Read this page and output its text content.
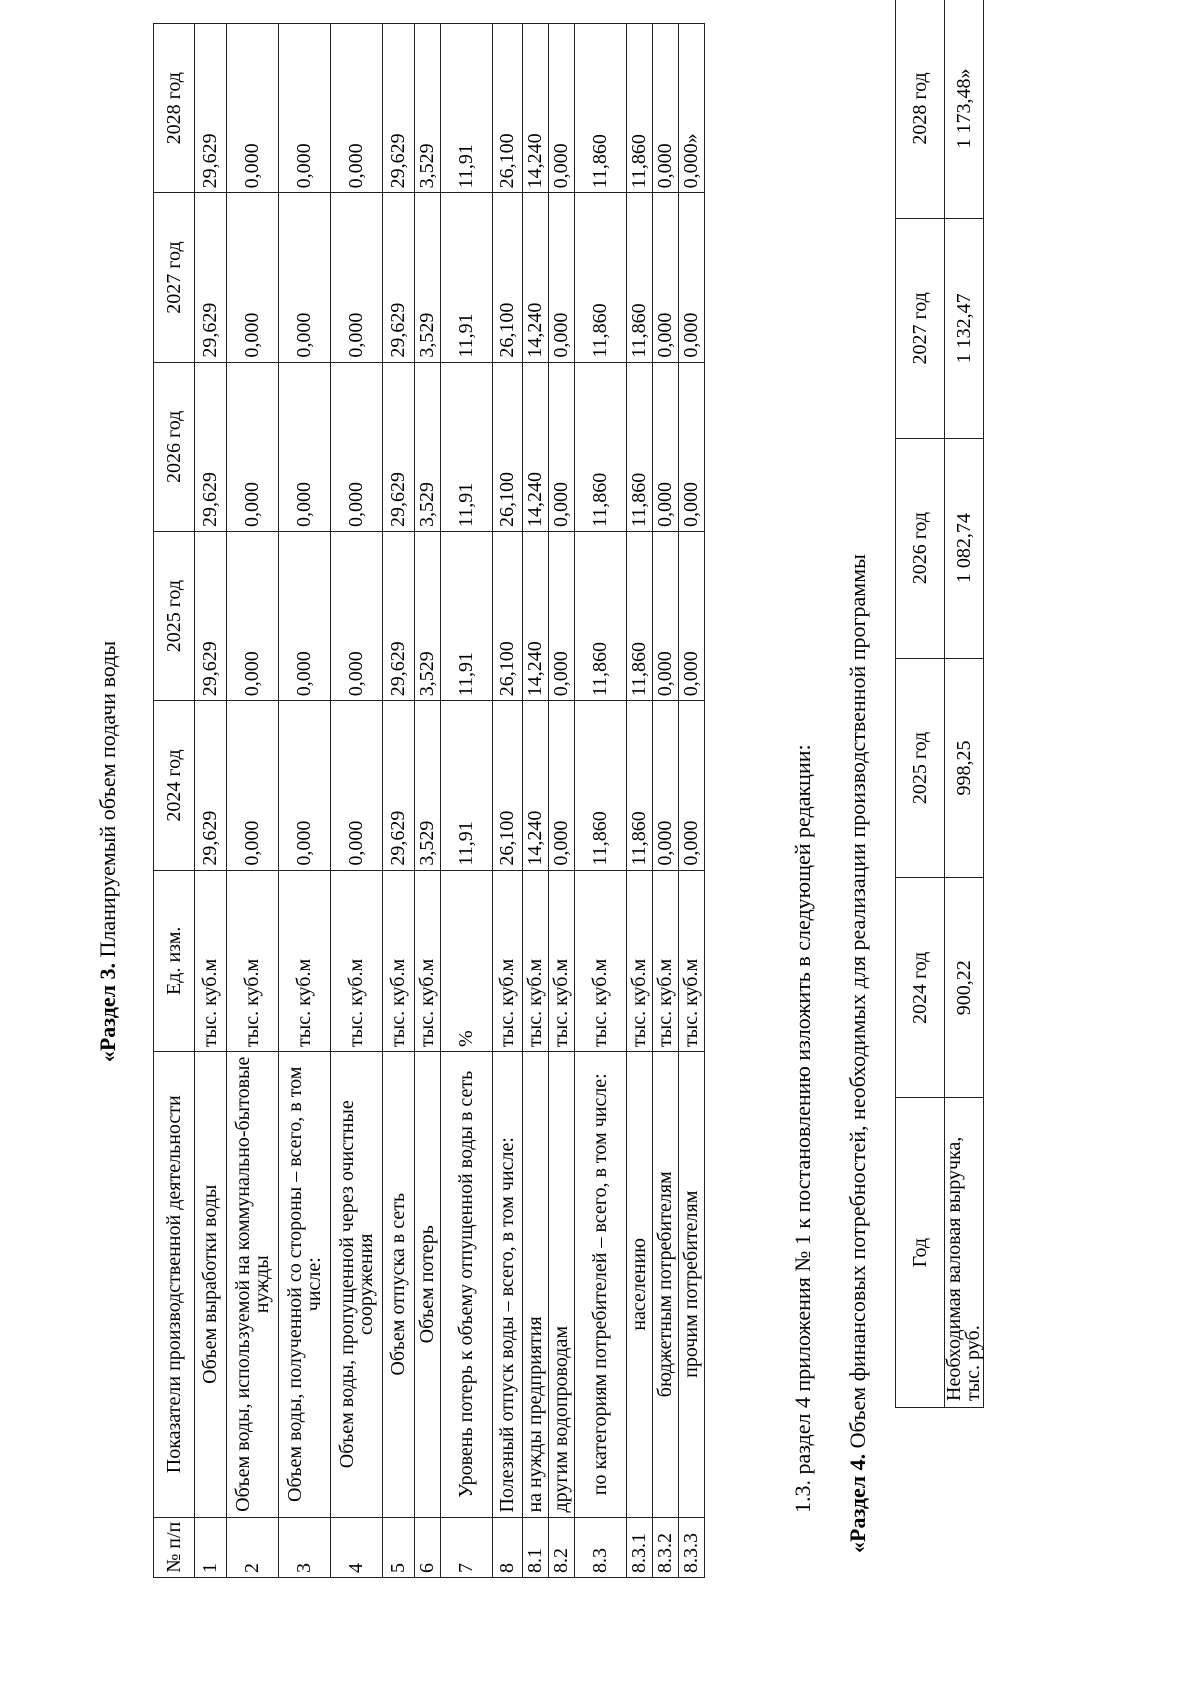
«Раздел 3. Планируемый объем подачи воды
№ п/п	Показатели производственной деятельности	Ед. изм.	2024 год	2025 год	2026 год	2027 год	2028 год
1	Объем выработки воды	тыс. куб.м	29,629	29,629	29,629	29,629	29,629
2	Объем воды, используемой на коммунально-бытовые нужды	тыс. куб.м	0,000	0,000	0,000	0,000	0,000
3	Объем воды, полученной со стороны – всего, в том числе:	тыс. куб.м	0,000	0,000	0,000	0,000	0,000
4	Объем воды, пропущенной через очистные сооружения	тыс. куб.м	0,000	0,000	0,000	0,000	0,000
5	Объем отпуска в сеть	тыс. куб.м	29,629	29,629	29,629	29,629	29,629
6	Объем потерь	тыс. куб.м	3,529	3,529	3,529	3,529	3,529
7	Уровень потерь к объему отпущенной воды в сеть	%	11,91	11,91	11,91	11,91	11,91
8	Полезный отпуск воды – всего, в том числе:	тыс. куб.м	26,100	26,100	26,100	26,100	26,100
8.1	на нужды предприятия	тыс. куб.м	14,240	14,240	14,240	14,240	14,240
8.2	другим водопроводам	тыс. куб.м	0,000	0,000	0,000	0,000	0,000
8.3	по категориям потребителей – всего, в том числе:	тыс. куб.м	11,860	11,860	11,860	11,860	11,860
8.3.1	населению	тыс. куб.м	11,860	11,860	11,860	11,860	11,860
8.3.2	бюджетным потребителям	тыс. куб.м	0,000	0,000	0,000	0,000	0,000
8.3.3	прочим потребителям	тыс. куб.м	0,000	0,000	0,000	0,000	0,000»
1.3. раздел 4 приложения № 1 к постановлению изложить в следующей редакции: «Раздел 4. Объем финансовых потребностей, необходимых для реализации производственной программы Год	2024 год	2025 год	2026 год	2027 год	2028 год
Необходимая валовая выручка, тыс. руб.	900,22	998,25	1 082,74	1 132,47	1 173,48»
